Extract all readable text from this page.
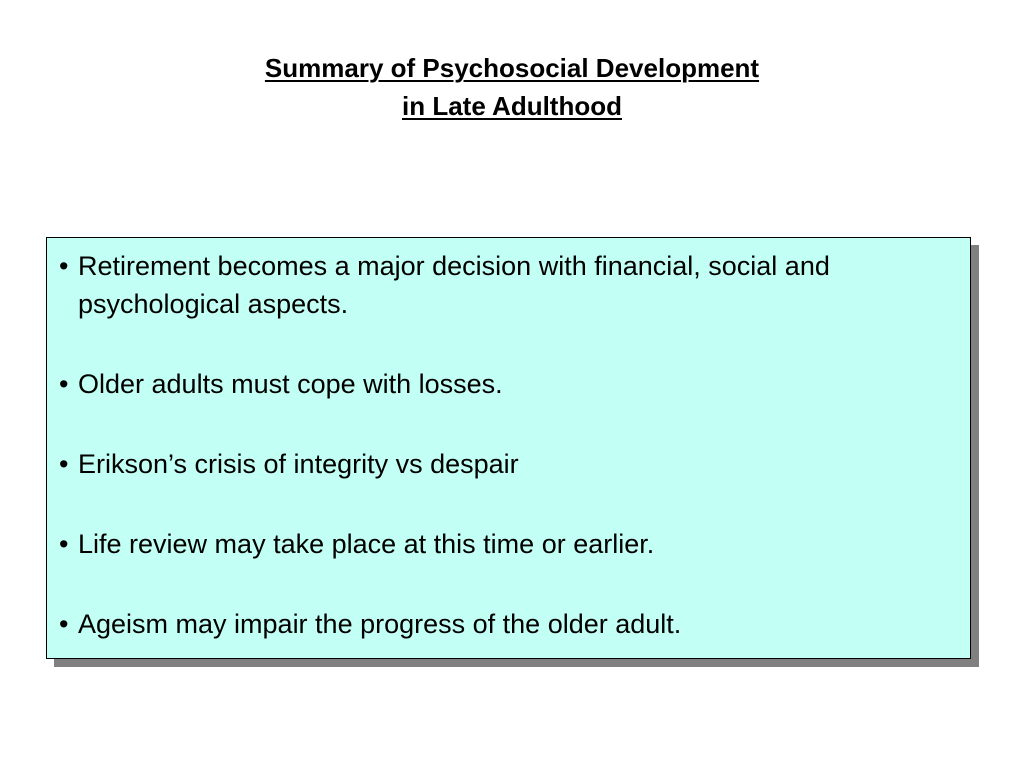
Summary of Psychosocial Development
in Late Adulthood
• Retirement becomes a major decision with financial, social and psychological aspects.
• Older adults must cope with losses.
• Erikson’s crisis of integrity vs despair
• Life review may take place at this time or earlier.
• Ageism may impair the progress of the older adult.
